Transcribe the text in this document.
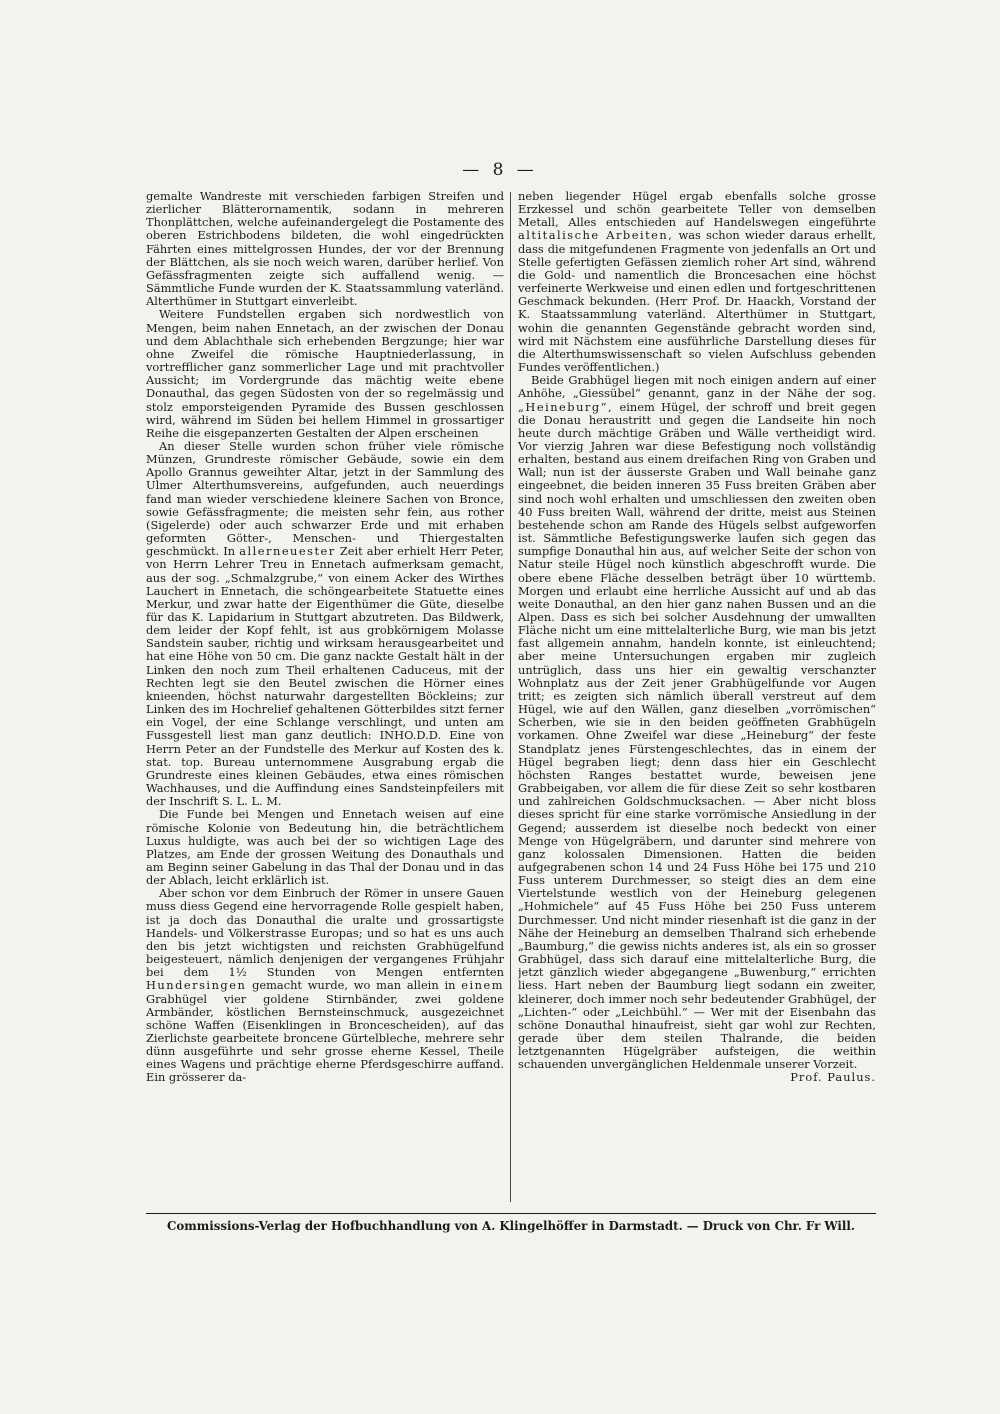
— 8 —

gemalte Wandreste mit verschieden farbigen Streifen und zierlicher Blätterornamentik, sodann in mehreren Thonplättchen, welche aufeinandergelegt die Postamente des oberen Estrichbodens bildeten, die wohl eingedrückten Fährten eines mittelgrossen Hundes, der vor der Brennung der Blättchen, als sie noch weich waren, darüber herlief. Von Gefässfragmenten zeigte sich auffallend wenig. — Sämmtliche Funde wurden der K. Staatssammlung vaterländ. Alterthümer in Stuttgart einverleibt.

Weitere Fundstellen ergaben sich nordwestlich von Mengen, beim nahen Ennetach, an der zwischen der Donau und dem Ablachthale sich erhebenden Bergzunge; hier war ohne Zweifel die römische Hauptniederlassung, in vortrefflicher ganz sommerlicher Lage und mit prachtvoller Aussicht; im Vordergrunde das mächtig weite ebene Donauthal, das gegen Südosten von der so regelmässig und stolz emporsteigenden Pyramide des Bussen geschlossen wird, während im Süden bei hellem Himmel in grossartiger Reihe die eisgepanzerten Gestalten der Alpen erscheinen

An dieser Stelle wurden schon früher viele römische Münzen, Grundreste römischer Gebäude, sowie ein dem Apollo Grannus geweihter Altar, jetzt in der Sammlung des Ulmer Alterthumsvereins, aufgefunden, auch neuerdings fand man wieder verschiedene kleinere Sachen von Bronce, sowie Gefässfragmente; die meisten sehr fein, aus rother (Sigelerde) oder auch schwarzer Erde und mit erhaben geformten Götter-, Menschen- und Thiergestalten geschmückt. In allerneuester Zeit aber erhielt Herr Peter, von Herrn Lehrer Treu in Ennetach aufmerksam gemacht, aus der sog. „Schmalzgrube,“ von einem Acker des Wirthes Lauchert in Ennetach, die schöngearbeitete Statuette eines Merkur, und zwar hatte der Eigenthümer die Güte, dieselbe für das K. Lapidarium in Stuttgart abzutreten. Das Bildwerk, dem leider der Kopf fehlt, ist aus grobkörnigem Molasse Sandstein sauber, richtig und wirksam herausgearbeitet und hat eine Höhe von 50 cm. Die ganz nackte Gestalt hält in der Linken den noch zum Theil erhaltenen Caduceus, mit der Rechten legt sie den Beutel zwischen die Hörner eines knieenden, höchst naturwahr dargestellten Böckleins; zur Linken des im Hochrelief gehaltenen Götterbildes sitzt ferner ein Vogel, der eine Schlange verschlingt, und unten am Fussgestell liest man ganz deutlich: INHO.D.D. Eine von Herrn Peter an der Fundstelle des Merkur auf Kosten des k. stat. top. Bureau unternommene Ausgrabung ergab die Grundreste eines kleinen Gebäudes, etwa eines römischen Wachhauses, und die Auffindung eines Sandsteinpfeilers mit der Inschrift S. L. L. M.

Die Funde bei Mengen und Ennetach weisen auf eine römische Kolonie von Bedeutung hin, die beträchtlichem Luxus huldigte, was auch bei der so wichtigen Lage des Platzes, am Ende der grossen Weitung des Donauthals und am Beginn seiner Gabelung in das Thal der Donau und in das der Ablach, leicht erklärlich ist.

Aber schon vor dem Einbruch der Römer in unsere Gauen muss diess Gegend eine hervorragende Rolle gespielt haben, ist ja doch das Donauthal die uralte und grossartigste Handels- und Völkerstrasse Europas; und so hat es uns auch den bis jetzt wichtigsten und reichsten Grabhügelfund beigesteuert, nämlich denjenigen der vergangenes Frühjahr bei dem 1½ Stunden von Mengen entfernten Hundersingen gemacht wurde, wo man allein in einem Grabhügel vier goldene Stirnbänder, zwei goldene Armbänder, köstlichen Bernsteinschmuck, ausgezeichnet schöne Waffen (Eisenklingen in Broncescheiden), auf das Zierlichste gearbeitete broncene Gürtelbleche, mehrere sehr dünn ausgeführte und sehr grosse eherne Kessel, Theile eines Wagens und prächtige eherne Pferdsgeschirre auffand. Ein grösserer da-

neben liegender Hügel ergab ebenfalls solche grosse Erzkessel und schön gearbeitete Teller von demselben Metall, Alles entschieden auf Handelswegen eingeführte altitalische Arbeiten, was schon wieder daraus erhellt, dass die mitgefundenen Fragmente von jedenfalls an Ort und Stelle gefertigten Gefässen ziemlich roher Art sind, während die Gold- und namentlich die Broncesachen eine höchst verfeinerte Werkweise und einen edlen und fortgeschrittenen Geschmack bekunden. (Herr Prof. Dr. Haackh, Vorstand der K. Staatssammlung vaterländ. Alterthümer in Stuttgart, wohin die genannten Gegenstände gebracht worden sind, wird mit Nächstem eine ausführliche Darstellung dieses für die Alterthumswissenschaft so vielen Aufschluss gebenden Fundes veröffentlichen.)

Beide Grabhügel liegen mit noch einigen andern auf einer Anhöhe, „Giessübel“ genannt, ganz in der Nähe der sog. „Heineburg“, einem Hügel, der schroff und breit gegen die Donau heraustritt und gegen die Landseite hin noch heute durch mächtige Gräben und Wälle vertheidigt wird. Vor vierzig Jahren war diese Befestigung noch vollständig erhalten, bestand aus einem dreifachen Ring von Graben und Wall; nun ist der äusserste Graben und Wall beinahe ganz eingeebnet, die beiden inneren 35 Fuss breiten Gräben aber sind noch wohl erhalten und umschliessen den zweiten oben 40 Fuss breiten Wall, während der dritte, meist aus Steinen bestehende schon am Rande des Hügels selbst aufgeworfen ist. Sämmtliche Befestigungswerke laufen sich gegen das sumpfige Donauthal hin aus, auf welcher Seite der schon von Natur steile Hügel noch künstlich abgeschrofft wurde. Die obere ebene Fläche desselben beträgt über 10 württemb. Morgen und erlaubt eine herrliche Aussicht auf und ab das weite Donauthal, an den hier ganz nahen Bussen und an die Alpen. Dass es sich bei solcher Ausdehnung der umwallten Fläche nicht um eine mittelalterliche Burg, wie man bis jetzt fast allgemein annahm, handeln konnte, ist einleuchtend; aber meine Untersuchungen ergaben mir zugleich untrüglich, dass uns hier ein gewaltig verschanzter Wohnplatz aus der Zeit jener Grabhügelfunde vor Augen tritt; es zeigten sich nämlich überall verstreut auf dem Hügel, wie auf den Wällen, ganz dieselben „vorrömischen“ Scherben, wie sie in den beiden geöffneten Grabhügeln vorkamen. Ohne Zweifel war diese „Heineburg“ der feste Standplatz jenes Fürstengeschlechtes, das in einem der Hügel begraben liegt; denn dass hier ein Geschlecht höchsten Ranges bestattet wurde, beweisen jene Grabbeigaben, vor allem die für diese Zeit so sehr kostbaren und zahlreichen Goldschmucksachen. — Aber nicht bloss dieses spricht für eine starke vorrömische Ansiedlung in der Gegend; ausserdem ist dieselbe noch bedeckt von einer Menge von Hügelgräbern, und darunter sind mehrere von ganz kolossalen Dimensionen. Hatten die beiden aufgegrabenen schon 14 und 24 Fuss Höhe bei 175 und 210 Fuss unterem Durchmesser, so steigt dies an dem eine Viertelstunde westlich von der Heineburg gelegenen „Hohmichele“ auf 45 Fuss Höhe bei 250 Fuss unterem Durchmesser. Und nicht minder riesenhaft ist die ganz in der Nähe der Heineburg an demselben Thalrand sich erhebende „Baumburg,“ die gewiss nichts anderes ist, als ein so grosser Grabhügel, dass sich darauf eine mittelalterliche Burg, die jetzt gänzlich wieder abgegangene „Buwenburg,“ errichten liess. Hart neben der Baumburg liegt sodann ein zweiter, kleinerer, doch immer noch sehr bedeutender Grabhügel, der „Lichten-“ oder „Leichbühl.“ — Wer mit der Eisenbahn das schöne Donauthal hinaufreist, sieht gar wohl zur Rechten, gerade über dem steilen Thalrande, die beiden letztgenannten Hügelgräber aufsteigen, die weithin schauenden unvergänglichen Heldenmale unserer Vorzeit.

Prof. Paulus.

Commissions-Verlag der Hofbuchhandlung von A. Klingelhöffer in Darmstadt. — Druck von Chr. Fr Will.
